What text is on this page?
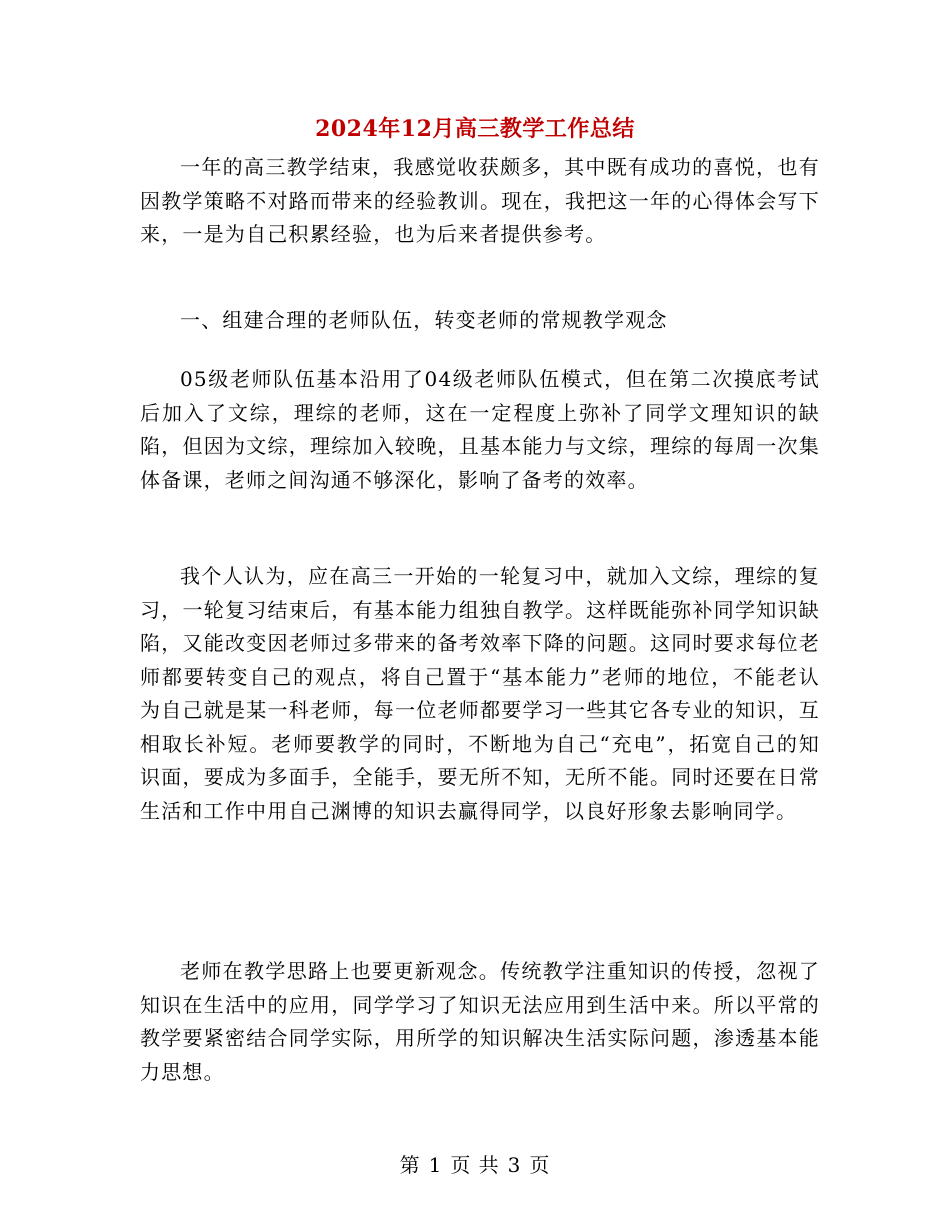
2024年12月高三教学工作总结

一年的高三教学结束，我感觉收获颇多，其中既有成功的喜悦，也有因教学策略不对路而带来的经验教训。现在，我把这一年的心得体会写下来，一是为自己积累经验，也为后来者提供参考。

一、组建合理的老师队伍，转变老师的常规教学观念

05级老师队伍基本沿用了04级老师队伍模式，但在第二次摸底考试后加入了文综，理综的老师，这在一定程度上弥补了同学文理知识的缺陷，但因为文综，理综加入较晚，且基本能力与文综，理综的每周一次集体备课，老师之间沟通不够深化，影响了备考的效率。

我个人认为，应在高三一开始的一轮复习中，就加入文综，理综的复习，一轮复习结束后，有基本能力组独自教学。这样既能弥补同学知识缺陷，又能改变因老师过多带来的备考效率下降的问题。这同时要求每位老师都要转变自己的观点，将自己置于“基本能力”老师的地位，不能老认为自己就是某一科老师，每一位老师都要学习一些其它各专业的知识，互相取长补短。老师要教学的同时，不断地为自己“充电”，拓宽自己的知识面，要成为多面手，全能手，要无所不知，无所不能。同时还要在日常生活和工作中用自己渊博的知识去赢得同学，以良好形象去影响同学。

老师在教学思路上也要更新观念。传统教学注重知识的传授，忽视了知识在生活中的应用，同学学习了知识无法应用到生活中来。所以平常的教学要紧密结合同学实际，用所学的知识解决生活实际问题，渗透基本能力思想。

第 1 页 共 3 页
